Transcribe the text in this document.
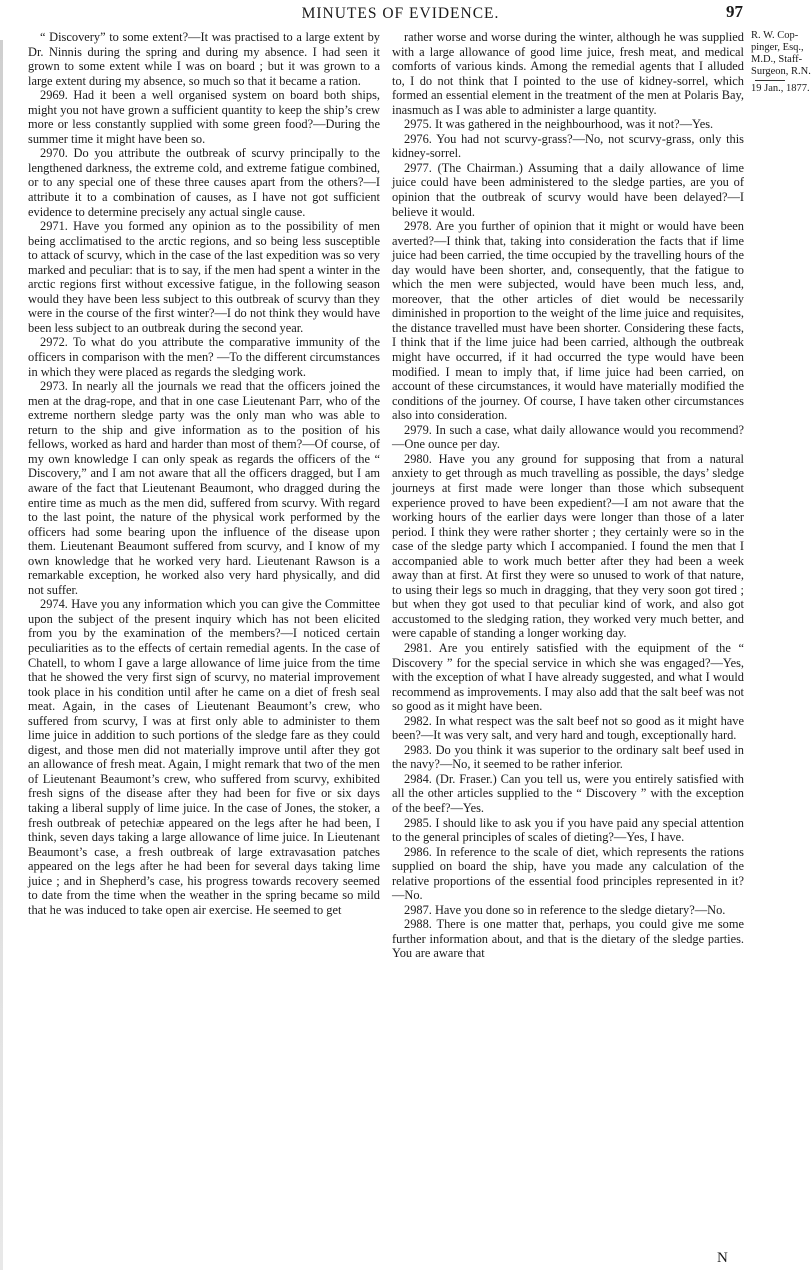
MINUTES OF EVIDENCE.	97

“ Discovery” to some extent?—It was practised to a large extent by Dr. Ninnis during the spring and during my absence. I had seen it grown to some extent while I was on board ; but it was grown to a large extent during my absence, so much so that it became a ration.

2969. Had it been a well organised system on board both ships, might you not have grown a sufficient quantity to keep the ship’s crew more or less constantly supplied with some green food?—During the summer time it might have been so.

2970. Do you attribute the outbreak of scurvy principally to the lengthened darkness, the extreme cold, and extreme fatigue combined, or to any special one of these three causes apart from the others?—I attribute it to a combination of causes, as I have not got sufficient evidence to determine precisely any actual single cause.

2971. Have you formed any opinion as to the possibility of men being acclimatised to the arctic regions, and so being less susceptible to attack of scurvy, which in the case of the last expedition was so very marked and peculiar: that is to say, if the men had spent a winter in the arctic regions first without excessive fatigue, in the following season would they have been less subject to this outbreak of scurvy than they were in the course of the first winter?—I do not think they would have been less subject to an outbreak during the second year.

2972. To what do you attribute the comparative immunity of the officers in comparison with the men? —To the different circumstances in which they were placed as regards the sledging work.

2973. In nearly all the journals we read that the officers joined the men at the drag-rope, and that in one case Lieutenant Parr, who of the extreme northern sledge party was the only man who was able to return to the ship and give information as to the position of his fellows, worked as hard and harder than most of them?—Of course, of my own knowledge I can only speak as regards the officers of the “ Discovery,” and I am not aware that all the officers dragged, but I am aware of the fact that Lieutenant Beaumont, who dragged during the entire time as much as the men did, suffered from scurvy. With regard to the last point, the nature of the physical work performed by the officers had some bearing upon the influence of the disease upon them. Lieutenant Beaumont suffered from scurvy, and I know of my own knowledge that he worked very hard. Lieutenant Rawson is a remarkable exception, he worked also very hard physically, and did not suffer.

2974. Have you any information which you can give the Committee upon the subject of the present inquiry which has not been elicited from you by the examination of the members?—I noticed certain peculiarities as to the effects of certain remedial agents. In the case of Chatell, to whom I gave a large allowance of lime juice from the time that he showed the very first sign of scurvy, no material improvement took place in his condition until after he came on a diet of fresh seal meat. Again, in the cases of Lieutenant Beaumont’s crew, who suffered from scurvy, I was at first only able to administer to them lime juice in addition to such portions of the sledge fare as they could digest, and those men did not materially improve until after they got an allowance of fresh meat. Again, I might remark that two of the men of Lieutenant Beaumont’s crew, who suffered from scurvy, exhibited fresh signs of the disease after they had been for five or six days taking a liberal supply of lime juice. In the case of Jones, the stoker, a fresh outbreak of petechiæ appeared on the legs after he had been, I think, seven days taking a large allowance of lime juice. In Lieutenant Beaumont’s case, a fresh outbreak of large extravasation patches appeared on the legs after he had been for several days taking lime juice ; and in Shepherd’s case, his progress towards recovery seemed to date from the time when the weather in the spring became so mild that he was induced to take open air exercise. He seemed to get

rather worse and worse during the winter, although he was supplied with a large allowance of good lime juice, fresh meat, and medical comforts of various kinds. Among the remedial agents that I alluded to, I do not think that I pointed to the use of kidney-sorrel, which formed an essential element in the treatment of the men at Polaris Bay, inasmuch as I was able to administer a large quantity.

2975. It was gathered in the neighbourhood, was it not?—Yes.

2976. You had not scurvy-grass?—No, not scurvy-grass, only this kidney-sorrel.

2977. (The Chairman.) Assuming that a daily allowance of lime juice could have been administered to the sledge parties, are you of opinion that the outbreak of scurvy would have been delayed?—I believe it would.

2978. Are you further of opinion that it might or would have been averted?—I think that, taking into consideration the facts that if lime juice had been carried, the time occupied by the travelling hours of the day would have been shorter, and, consequently, that the fatigue to which the men were subjected, would have been much less, and, moreover, that the other articles of diet would be necessarily diminished in proportion to the weight of the lime juice and requisites, the distance travelled must have been shorter. Considering these facts, I think that if the lime juice had been carried, although the outbreak might have occurred, if it had occurred the type would have been modified. I mean to imply that, if lime juice had been carried, on account of these circumstances, it would have materially modified the conditions of the journey. Of course, I have taken other circumstances also into consideration.

2979. In such a case, what daily allowance would you recommend?—One ounce per day.

2980. Have you any ground for supposing that from a natural anxiety to get through as much travelling as possible, the days’ sledge journeys at first made were longer than those which subsequent experience proved to have been expedient?—I am not aware that the working hours of the earlier days were longer than those of a later period. I think they were rather shorter ; they certainly were so in the case of the sledge party which I accompanied. I found the men that I accompanied able to work much better after they had been a week away than at first. At first they were so unused to work of that nature, to using their legs so much in dragging, that they very soon got tired ; but when they got used to that peculiar kind of work, and also got accustomed to the sledging ration, they worked very much better, and were capable of standing a longer working day.

2981. Are you entirely satisfied with the equipment of the “ Discovery ” for the special service in which she was engaged?—Yes, with the exception of what I have already suggested, and what I would recommend as improvements. I may also add that the salt beef was not so good as it might have been.

2982. In what respect was the salt beef not so good as it might have been?—It was very salt, and very hard and tough, exceptionally hard.

2983. Do you think it was superior to the ordinary salt beef used in the navy?—No, it seemed to be rather inferior.

2984. (Dr. Fraser.) Can you tell us, were you entirely satisfied with all the other articles supplied to the “ Discovery ” with the exception of the beef?—Yes.

2985. I should like to ask you if you have paid any special attention to the general principles of scales of dieting?—Yes, I have.

2986. In reference to the scale of diet, which represents the rations supplied on board the ship, have you made any calculation of the relative proportions of the essential food principles represented in it?—No.

2987. Have you done so in reference to the sledge dietary?—No.

2988. There is one matter that, perhaps, you could give me some further information about, and that is the dietary of the sledge parties. You are aware that

R. W. Cop-
pinger, Esq.,
M.D., Staff-
Surgeon, R.N.
19 Jan., 1877.
N
